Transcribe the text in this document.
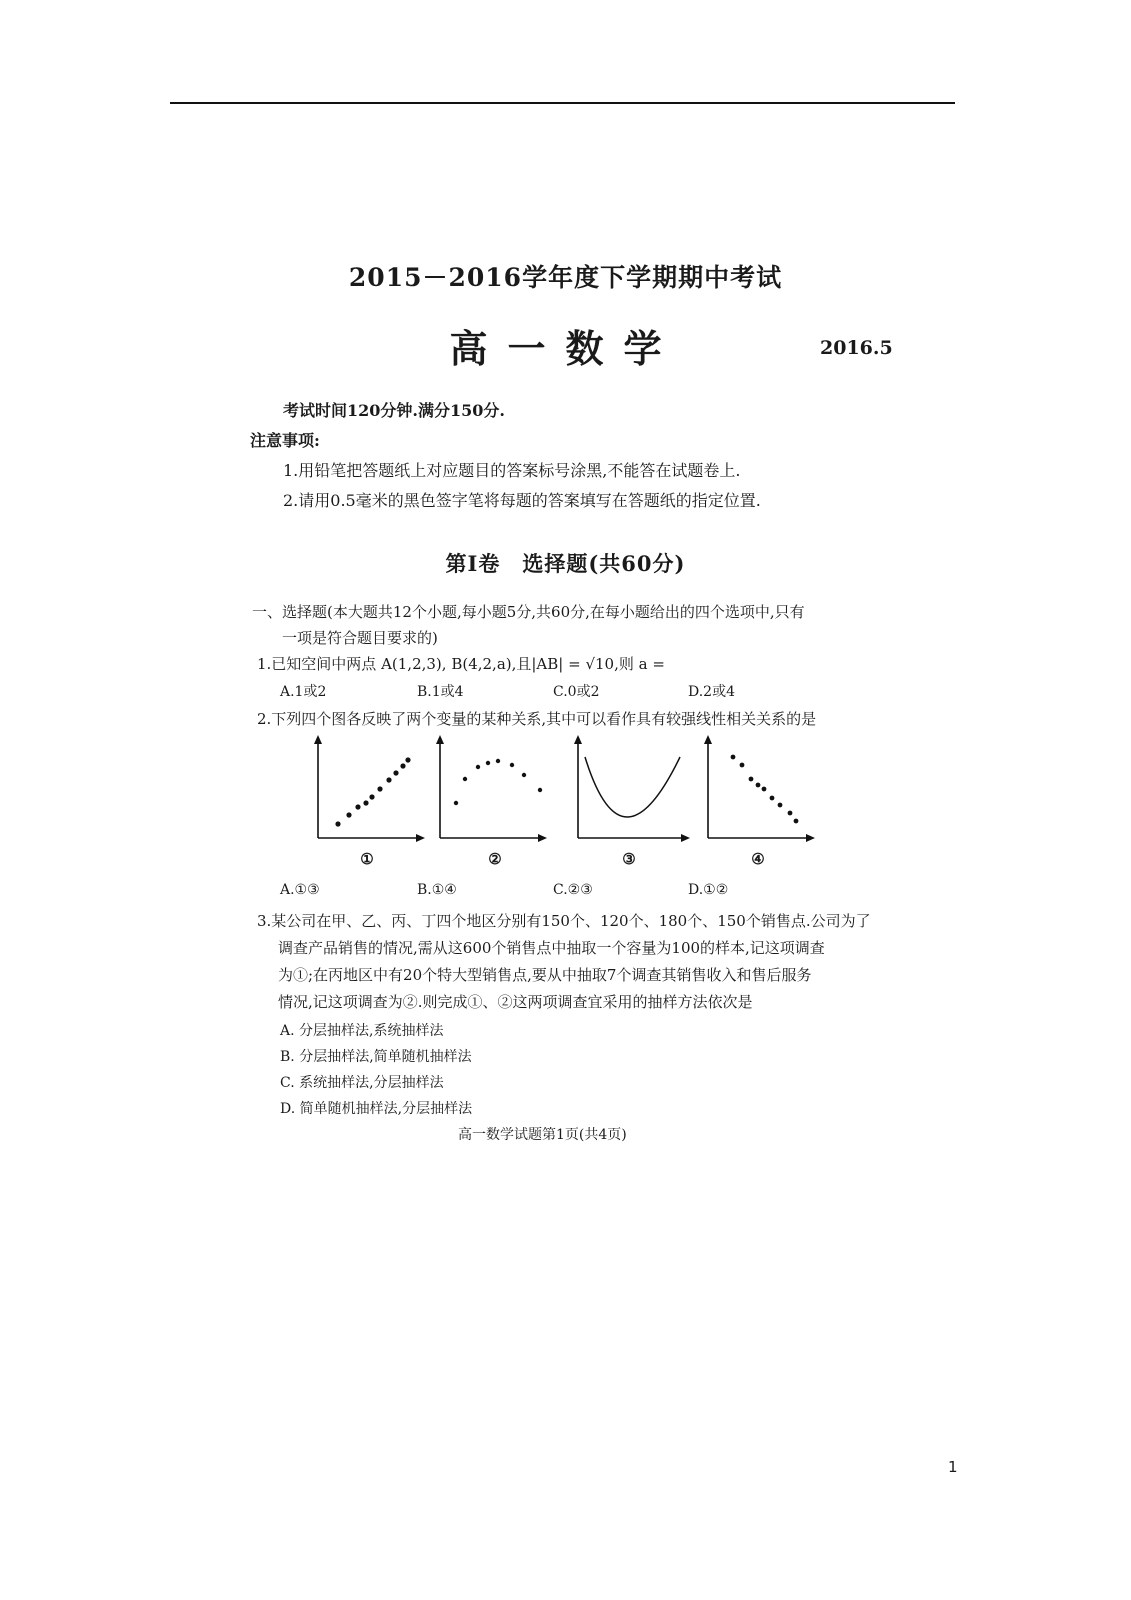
2015－2016学年度下学期期中考试
高一数学	2016.5
考试时间120分钟.满分150分.
注意事项:
1.用铅笔把答题纸上对应题目的答案标号涂黑,不能答在试题卷上.
2.请用0.5毫米的黑色签字笔将每题的答案填写在答题纸的指定位置.
第Ⅰ卷　选择题(共60分)
一、选择题(本大题共12个小题,每小题5分,共60分,在每小题给出的四个选项中,只有
一项是符合题目要求的)
1.已知空间中两点 A(1,2,3), B(4,2,a),且|AB| = √10,则 a =
A.1或2	B.1或4	C.0或2	D.2或4
2.下列四个图各反映了两个变量的某种关系,其中可以看作具有较强线性相关关系的是
①	②	③	④
A.①③	B.①④	C.②③	D.①②
3.某公司在甲、乙、丙、丁四个地区分别有150个、120个、180个、150个销售点.公司为了
调查产品销售的情况,需从这600个销售点中抽取一个容量为100的样本,记这项调查
为①;在丙地区中有20个特大型销售点,要从中抽取7个调查其销售收入和售后服务
情况,记这项调查为②.则完成①、②这两项调查宜采用的抽样方法依次是
A. 分层抽样法,系统抽样法
B. 分层抽样法,简单随机抽样法
C. 系统抽样法,分层抽样法
D. 简单随机抽样法,分层抽样法
高一数学试题第1页(共4页)
1
